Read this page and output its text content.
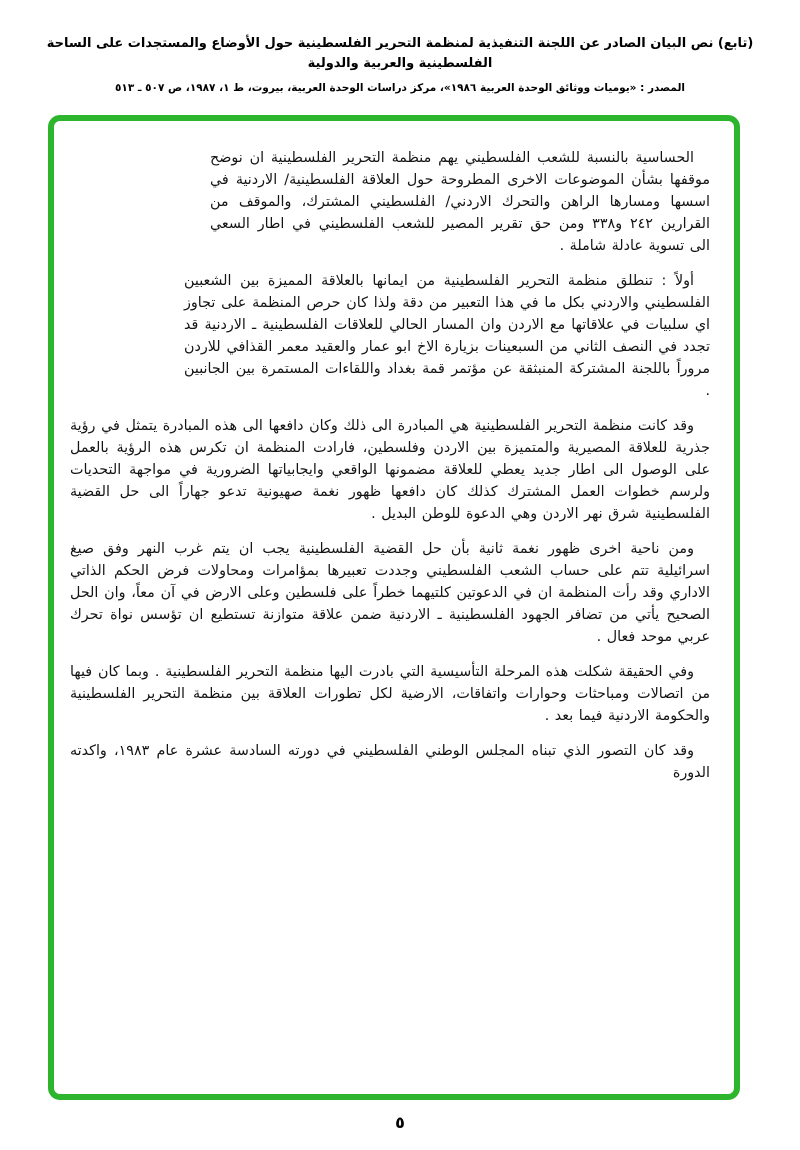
(تابع) نص البيان الصادر عن اللجنة التنفيذية لمنظمة التحرير الفلسطينية حول الأوضاع والمستجدات على الساحة الفلسطينية والعربية والدولية
المصدر : «يوميات ووثائق الوحدة العربية ١٩٨٦»، مركز دراسات الوحدة العربية، بيروت، ط ١، ١٩٨٧، ص ٥٠٧ ـ ٥١٣

الحساسية بالنسبة للشعب الفلسطيني يهم منظمة التحرير الفلسطينية ان نوضح موقفها بشأن الموضوعات الاخرى المطروحة حول العلاقة الفلسطينية/ الاردنية في اسسها ومسارها الراهن والتحرك الاردني/ الفلسطيني المشترك، والموقف من القرارين ٢٤٢ و٣٣٨ ومن حق تقرير المصير للشعب الفلسطيني في اطار السعي الى تسوية عادلة شاملة .

أولاً : تنطلق منظمة التحرير الفلسطينية من ايمانها بالعلاقة المميزة بين الشعبين الفلسطيني والاردني بكل ما في هذا التعبير من دقة ولذا كان حرص المنظمة على تجاوز اي سلبيات في علاقاتها مع الاردن وان المسار الحالي للعلاقات الفلسطينية ـ الاردنية قد تجدد في النصف الثاني من السبعينات بزيارة الاخ ابو عمار والعقيد معمر القذافي للاردن مروراً باللجنة المشتركة المنبثقة عن مؤتمر قمة بغداد واللقاءات المستمرة بين الجانبين .

وقد كانت منظمة التحرير الفلسطينية هي المبادرة الى ذلك وكان دافعها الى هذه المبادرة يتمثل في رؤية جذرية للعلاقة المصيرية والمتميزة بين الاردن وفلسطين، فارادت المنظمة ان تكرس هذه الرؤية بالعمل على الوصول الى اطار جديد يعطي للعلاقة مضمونها الواقعي وايجابياتها الضرورية في مواجهة التحديات ولرسم خطوات العمل المشترك كذلك كان دافعها ظهور نغمة صهيونية تدعو جهاراً الى حل القضية الفلسطينية شرق نهر الاردن وهي الدعوة للوطن البديل .

ومن ناحية اخرى ظهور نغمة ثانية بأن حل القضية الفلسطينية يجب ان يتم غرب النهر وفق صيغ اسرائيلية تتم على حساب الشعب الفلسطيني وجددت تعبيرها بمؤامرات ومحاولات فرض الحكم الذاتي الاداري وقد رأت المنظمة ان في الدعوتين كلتيهما خطراً على فلسطين وعلى الارض في آن معاً، وان الحل الصحيح يأتي من تضافر الجهود الفلسطينية ـ الاردنية ضمن علاقة متوازنة تستطيع ان تؤسس نواة تحرك عربي موحد فعال .

وفي الحقيقة شكلت هذه المرحلة التأسيسية التي بادرت اليها منظمة التحرير الفلسطينية . وبما كان فيها من اتصالات ومباحثات وحوارات واتفاقات، الارضية لكل تطورات العلاقة بين منظمة التحرير الفلسطينية والحكومة الاردنية فيما بعد .

وقد كان التصور الذي تبناه المجلس الوطني الفلسطيني في دورته السادسة عشرة عام ١٩٨٣، واكدته الدورة

٥
